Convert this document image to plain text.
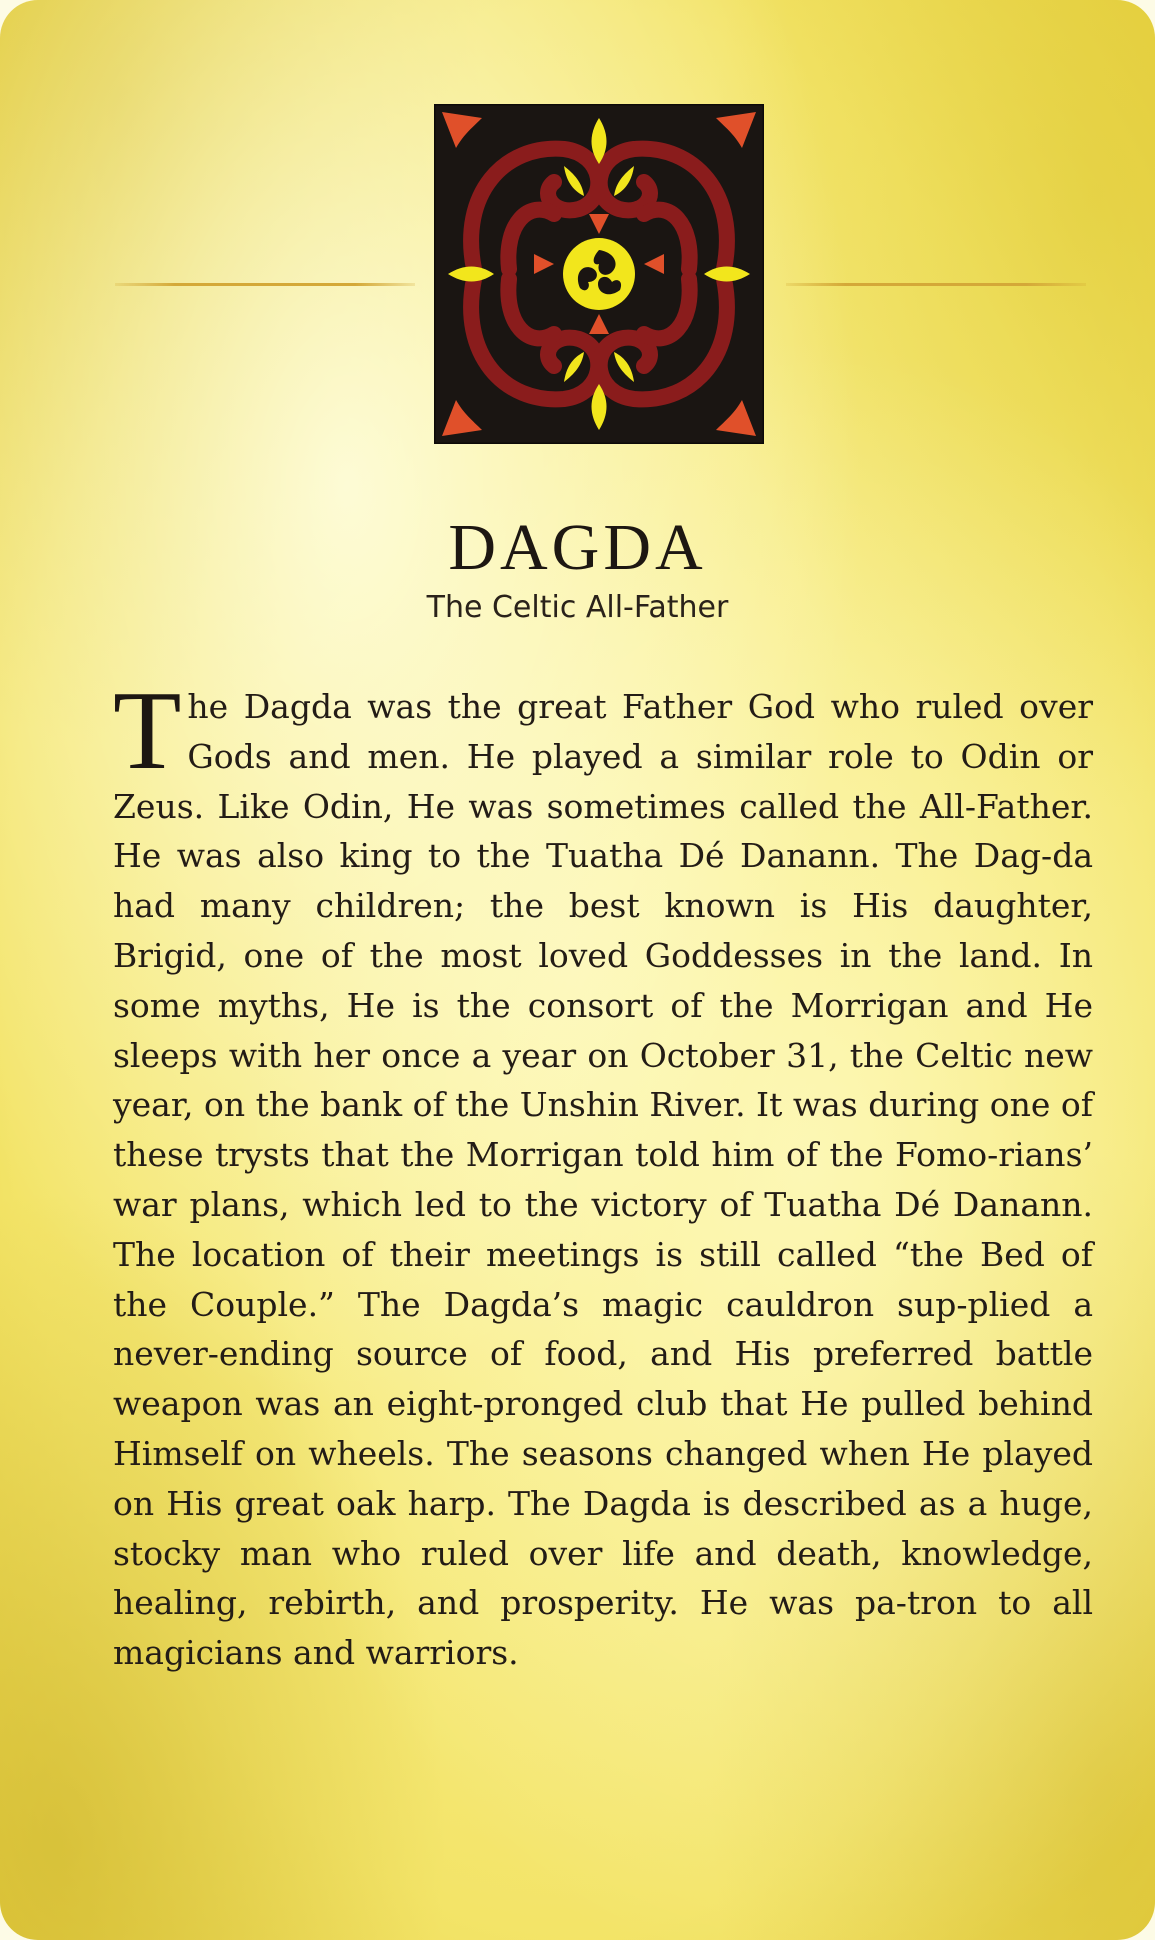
DAGDA

The Celtic All-Father

The Dagda was the great Father God who ruled over Gods and men. He played a similar role to Odin or Zeus. Like Odin, He was sometimes called the All-Father. He was also king to the Tuatha Dé Danann. The Dag-da had many children; the best known is His daughter, Brigid, one of the most loved Goddesses in the land. In some myths, He is the consort of the Morrigan and He sleeps with her once a year on October 31, the Celtic new year, on the bank of the Unshin River. It was during one of these trysts that the Morrigan told him of the Fomo-rians’ war plans, which led to the victory of Tuatha Dé Danann. The location of their meetings is still called “the Bed of the Couple.” The Dagda’s magic cauldron sup-plied a never-ending source of food, and His preferred battle weapon was an eight-pronged club that He pulled behind Himself on wheels. The seasons changed when He played on His great oak harp. The Dagda is described as a huge, stocky man who ruled over life and death, knowledge, healing, rebirth, and prosperity. He was pa-tron to all magicians and warriors.
